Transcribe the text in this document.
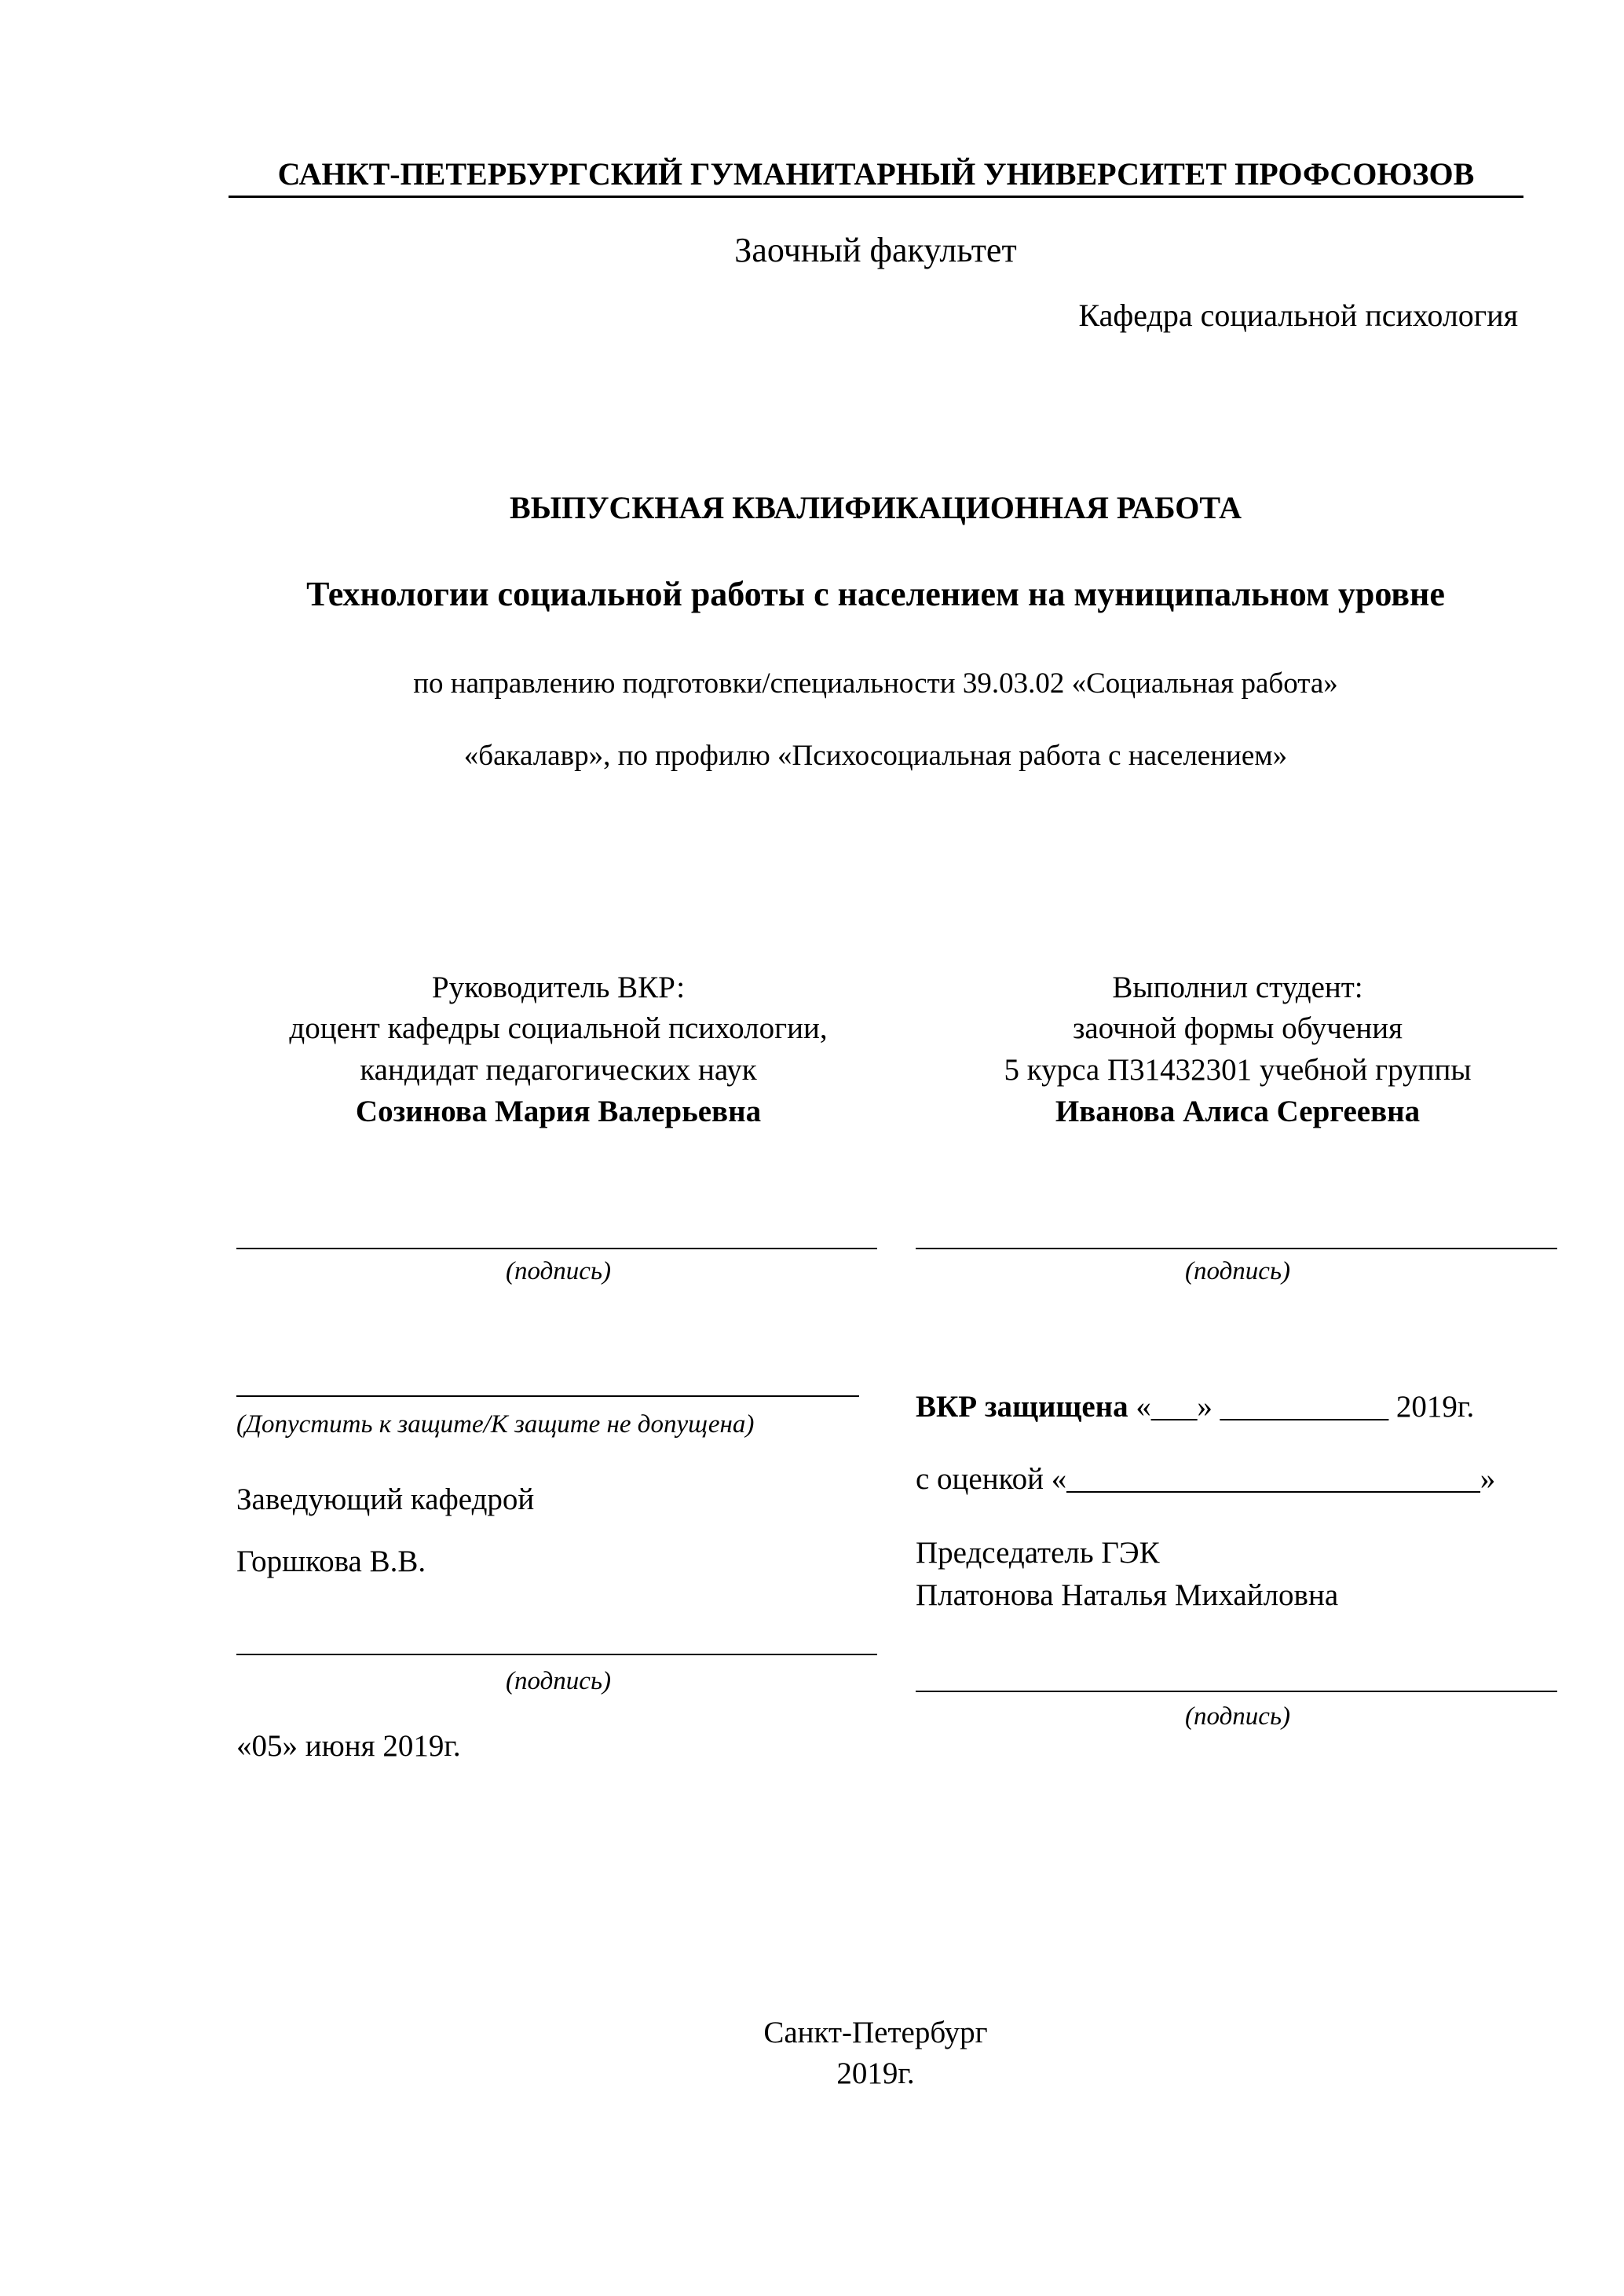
САНКТ-ПЕТЕРБУРГСКИЙ ГУМАНИТАРНЫЙ УНИВЕРСИТЕТ ПРОФСОЮЗОВ
Заочный факультет
Кафедра социальной психология
ВЫПУСКНАЯ КВАЛИФИКАЦИОННАЯ РАБОТА
Технологии социальной работы с населением на муниципальном уровне
по направлению подготовки/специальности 39.03.02 «Социальная работа»
«бакалавр», по профилю «Психосоциальная работа с населением»
Руководитель ВКР:
доцент кафедры социальной психологии,
кандидат педагогических наук
Созинова Мария Валерьевна
(подпись)
Выполнил студент:
заочной формы обучения
5 курса П31432301 учебной группы
Иванова Алиса Сергеевна
(подпись)
(Допустить к защите/К защите не допущена)
Заведующий кафедрой
Горшкова В.В.
(подпись)
«05» июня 2019г.
ВКР защищена «___» ___________ 2019г.
с оценкой «___________________________»
Председатель ГЭК
Платонова Наталья Михайловна
(подпись)
Санкт-Петербург
2019г.
